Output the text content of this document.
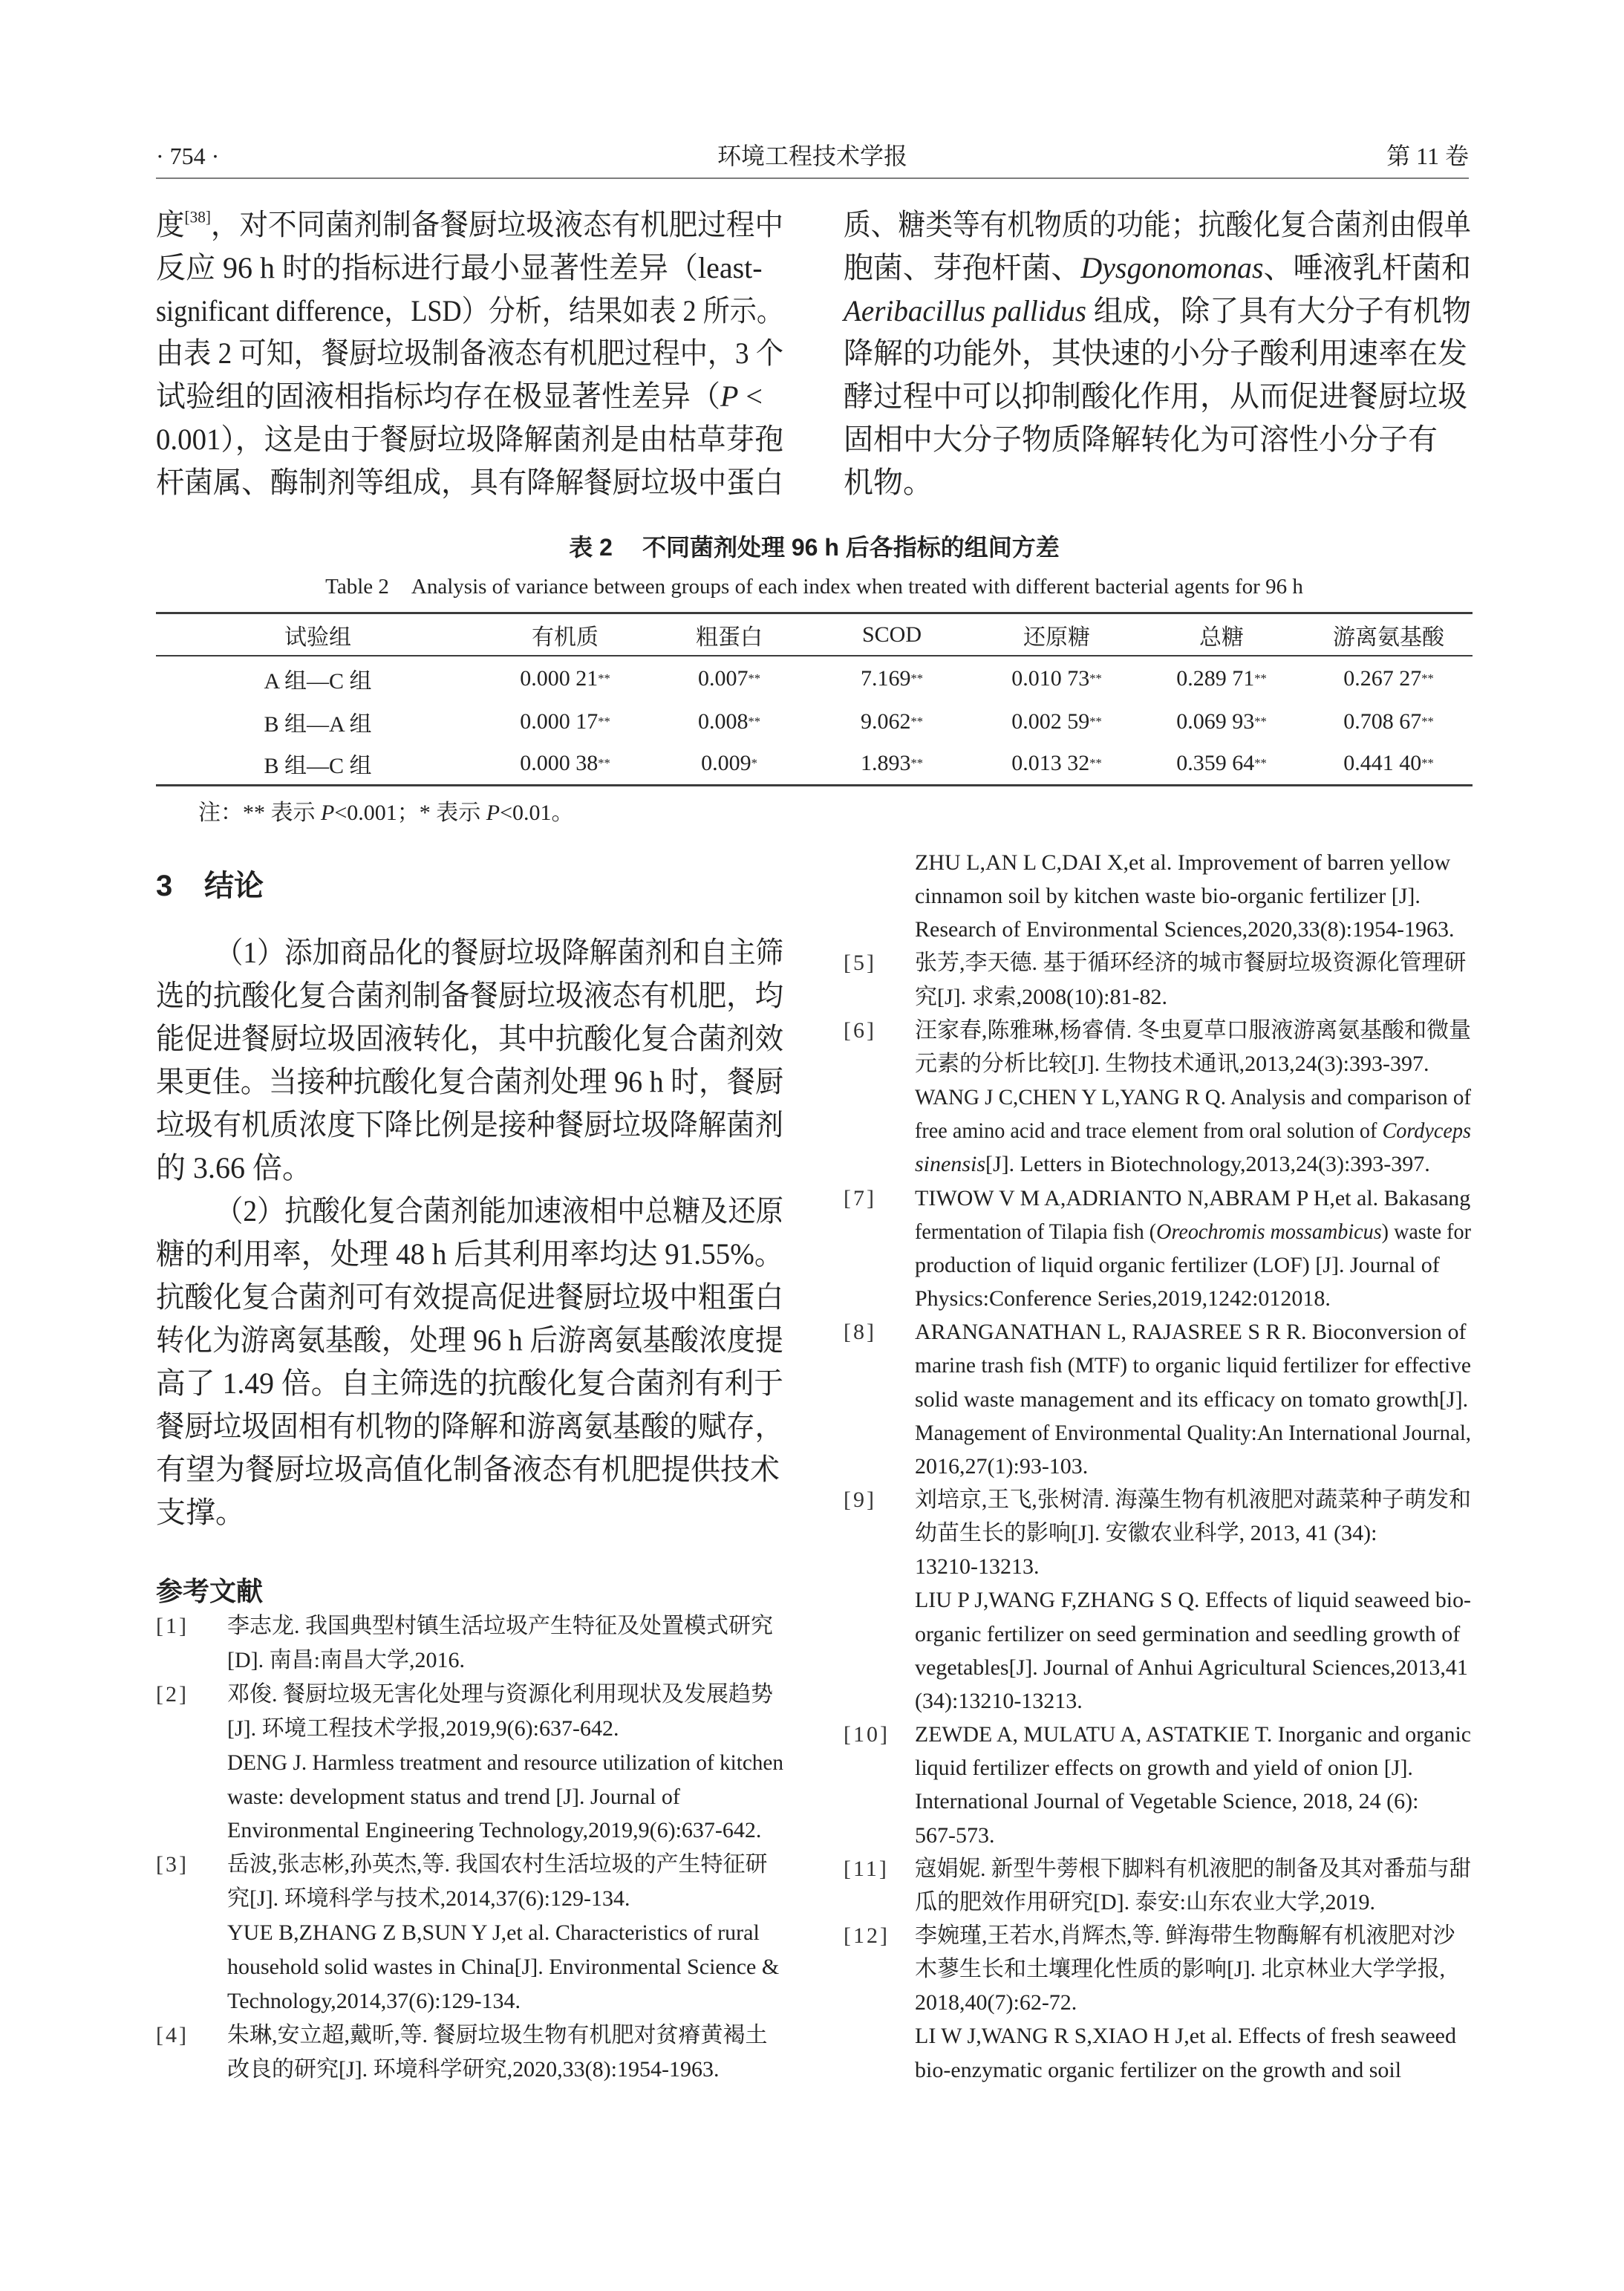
· 754 ·	环境工程技术学报	第 11 卷
度[38]，对不同菌剂制备餐厨垃圾液态有机肥过程中
反应 96 h 时的指标进行最小显著性差异（least-
significant difference，LSD）分析，结果如表 2 所示。
由表 2 可知，餐厨垃圾制备液态有机肥过程中，3 个
试验组的固液相指标均存在极显著性差异（P <
0.001），这是由于餐厨垃圾降解菌剂是由枯草芽孢
杆菌属、酶制剂等组成，具有降解餐厨垃圾中蛋白
质、糖类等有机物质的功能；抗酸化复合菌剂由假单
胞菌、芽孢杆菌、Dysgonomonas、唾液乳杆菌和
Aeribacillus pallidus 组成，除了具有大分子有机物
降解的功能外，其快速的小分子酸利用速率在发
酵过程中可以抑制酸化作用，从而促进餐厨垃圾
固相中大分子物质降解转化为可溶性小分子有
机物。
表 2 不同菌剂处理 96 h 后各指标的组间方差
Table 2 Analysis of variance between groups of each index when treated with different bacterial agents for 96 h
试验组	有机质	粗蛋白	SCOD	还原糖	总糖	游离氨基酸
A 组—C 组	0.000 21 **	0.007 **	7.169 **	0.010 73 **	0.289 71 **	0.267 27 **
B 组—A 组	0.000 17 **	0.008 **	9.062 **	0.002 59 **	0.069 93 **	0.708 67 **
B 组—C 组	0.000 38 **	0.009 *	1.893 **	0.013 32 **	0.359 64 **	0.441 40 **
注：** 表示 P<0.001；* 表示 P<0.01。
3 结论
（1）添加商品化的餐厨垃圾降解菌剂和自主筛
选的抗酸化复合菌剂制备餐厨垃圾液态有机肥，均
能促进餐厨垃圾固液转化，其中抗酸化复合菌剂效
果更佳。当接种抗酸化复合菌剂处理 96 h 时，餐厨
垃圾有机质浓度下降比例是接种餐厨垃圾降解菌剂
的 3.66 倍。
（2）抗酸化复合菌剂能加速液相中总糖及还原
糖的利用率，处理 48 h 后其利用率均达 91.55%。
抗酸化复合菌剂可有效提高促进餐厨垃圾中粗蛋白
转化为游离氨基酸，处理 96 h 后游离氨基酸浓度提
高了 1.49 倍。自主筛选的抗酸化复合菌剂有利于
餐厨垃圾固相有机物的降解和游离氨基酸的赋存，
有望为餐厨垃圾高值化制备液态有机肥提供技术
支撑。
参考文献
[1] 李志龙. 我国典型村镇生活垃圾产生特征及处置模式研究
[D]. 南昌:南昌大学,2016.
[2] 邓俊. 餐厨垃圾无害化处理与资源化利用现状及发展趋势
[J]. 环境工程技术学报,2019,9(6):637-642.
DENG J. Harmless treatment and resource utilization of kitchen
waste: development status and trend [J]. Journal of
Environmental Engineering Technology,2019,9(6):637-642.
[3] 岳波,张志彬,孙英杰,等. 我国农村生活垃圾的产生特征研
究[J]. 环境科学与技术,2014,37(6):129-134.
YUE B,ZHANG Z B,SUN Y J,et al. Characteristics of rural
household solid wastes in China[J]. Environmental Science &
Technology,2014,37(6):129-134.
[4] 朱琳,安立超,戴昕,等. 餐厨垃圾生物有机肥对贫瘠黄褐土
改良的研究[J]. 环境科学研究,2020,33(8):1954-1963.
ZHU L,AN L C,DAI X,et al. Improvement of barren yellow
cinnamon soil by kitchen waste bio-organic fertilizer [J].
Research of Environmental Sciences,2020,33(8):1954-1963.
[5] 张芳,李天德. 基于循环经济的城市餐厨垃圾资源化管理研
究[J]. 求索,2008(10):81-82.
[6] 汪家春,陈雅琳,杨睿倩. 冬虫夏草口服液游离氨基酸和微量
元素的分析比较[J]. 生物技术通讯,2013,24(3):393-397.
WANG J C,CHEN Y L,YANG R Q. Analysis and comparison of
free amino acid and trace element from oral solution of Cordyceps
sinensis[J]. Letters in Biotechnology,2013,24(3):393-397.
[7] TIWOW V M A,ADRIANTO N,ABRAM P H,et al. Bakasang
fermentation of Tilapia fish (Oreochromis mossambicus) waste for
production of liquid organic fertilizer (LOF) [J]. Journal of
Physics:Conference Series,2019,1242:012018.
[8] ARANGANATHAN L, RAJASREE S R R. Bioconversion of
marine trash fish (MTF) to organic liquid fertilizer for effective
solid waste management and its efficacy on tomato growth[J].
Management of Environmental Quality:An International Journal,
2016,27(1):93-103.
[9] 刘培京,王飞,张树清. 海藻生物有机液肥对蔬菜种子萌发和
幼苗生长的影响[J]. 安徽农业科学, 2013, 41 (34):
13210-13213.
LIU P J,WANG F,ZHANG S Q. Effects of liquid seaweed bio-
organic fertilizer on seed germination and seedling growth of
vegetables[J]. Journal of Anhui Agricultural Sciences,2013,41
(34):13210-13213.
[10] ZEWDE A, MULATU A, ASTATKIE T. Inorganic and organic
liquid fertilizer effects on growth and yield of onion [J].
International Journal of Vegetable Science, 2018, 24 (6):
567-573.
[11] 寇娟妮. 新型牛蒡根下脚料有机液肥的制备及其对番茄与甜
瓜的肥效作用研究[D]. 泰安:山东农业大学,2019.
[12] 李婉瑾,王若水,肖辉杰,等. 鲜海带生物酶解有机液肥对沙
木蓼生长和土壤理化性质的影响[J]. 北京林业大学学报,
2018,40(7):62-72.
LI W J,WANG R S,XIAO H J,et al. Effects of fresh seaweed
bio-enzymatic organic fertilizer on the growth and soil
